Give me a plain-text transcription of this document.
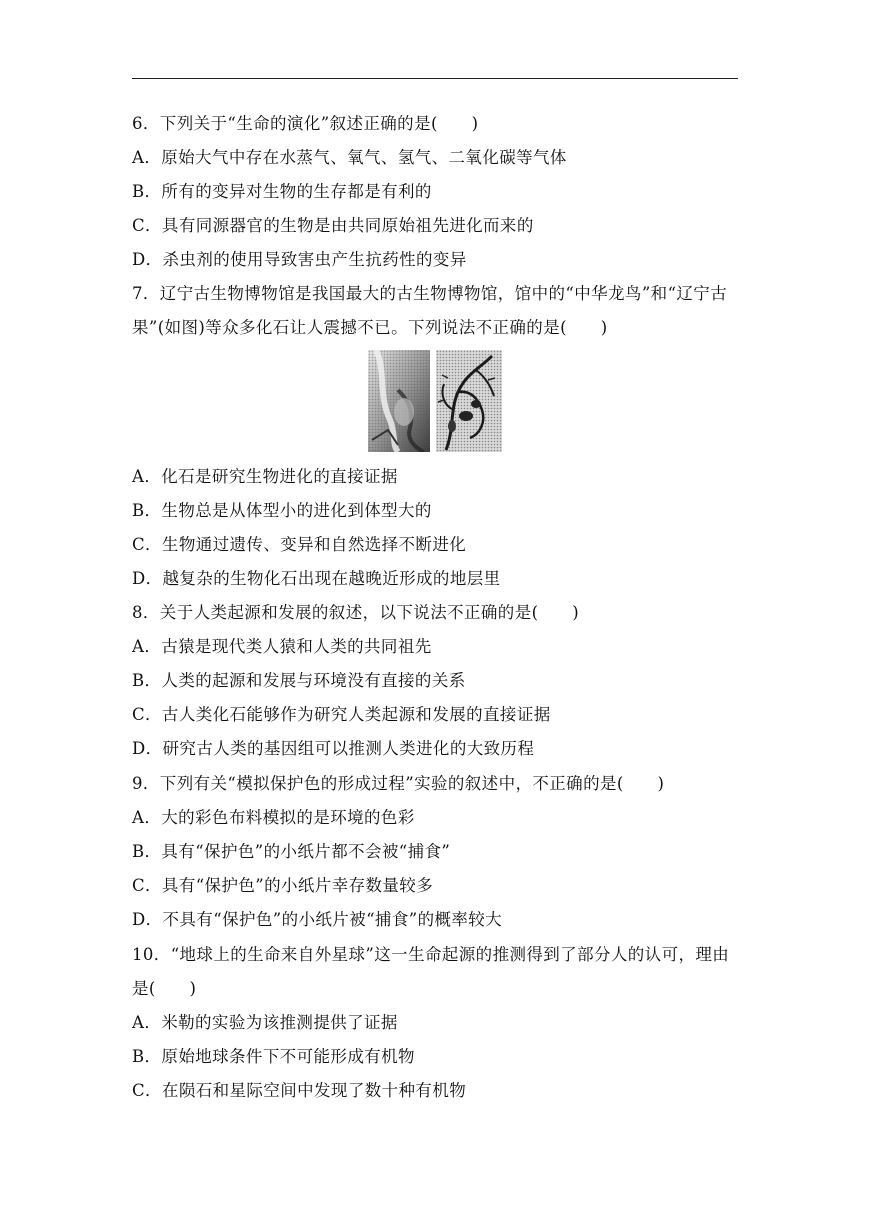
6．下列关于“生命的演化”叙述正确的是(　　)
A．原始大气中存在水蒸气、氧气、氢气、二氧化碳等气体
B．所有的变异对生物的生存都是有利的
C．具有同源器官的生物是由共同原始祖先进化而来的
D．杀虫剂的使用导致害虫产生抗药性的变异
7．辽宁古生物博物馆是我国最大的古生物博物馆，馆中的“中华龙鸟”和“辽宁古
果”(如图)等众多化石让人震撼不已。下列说法不正确的是(　　)
A．化石是研究生物进化的直接证据
B．生物总是从体型小的进化到体型大的
C．生物通过遗传、变异和自然选择不断进化
D．越复杂的生物化石出现在越晚近形成的地层里
8．关于人类起源和发展的叙述，以下说法不正确的是(　　)
A．古猿是现代类人猿和人类的共同祖先
B．人类的起源和发展与环境没有直接的关系
C．古人类化石能够作为研究人类起源和发展的直接证据
D．研究古人类的基因组可以推测人类进化的大致历程
9．下列有关“模拟保护色的形成过程”实验的叙述中，不正确的是(　　)
A．大的彩色布料模拟的是环境的色彩
B．具有“保护色”的小纸片都不会被“捕食”
C．具有“保护色”的小纸片幸存数量较多
D．不具有“保护色”的小纸片被“捕食”的概率较大
10．“地球上的生命来自外星球”这一生命起源的推测得到了部分人的认可，理由
是(　　)
A．米勒的实验为该推测提供了证据
B．原始地球条件下不可能形成有机物
C．在陨石和星际空间中发现了数十种有机物
